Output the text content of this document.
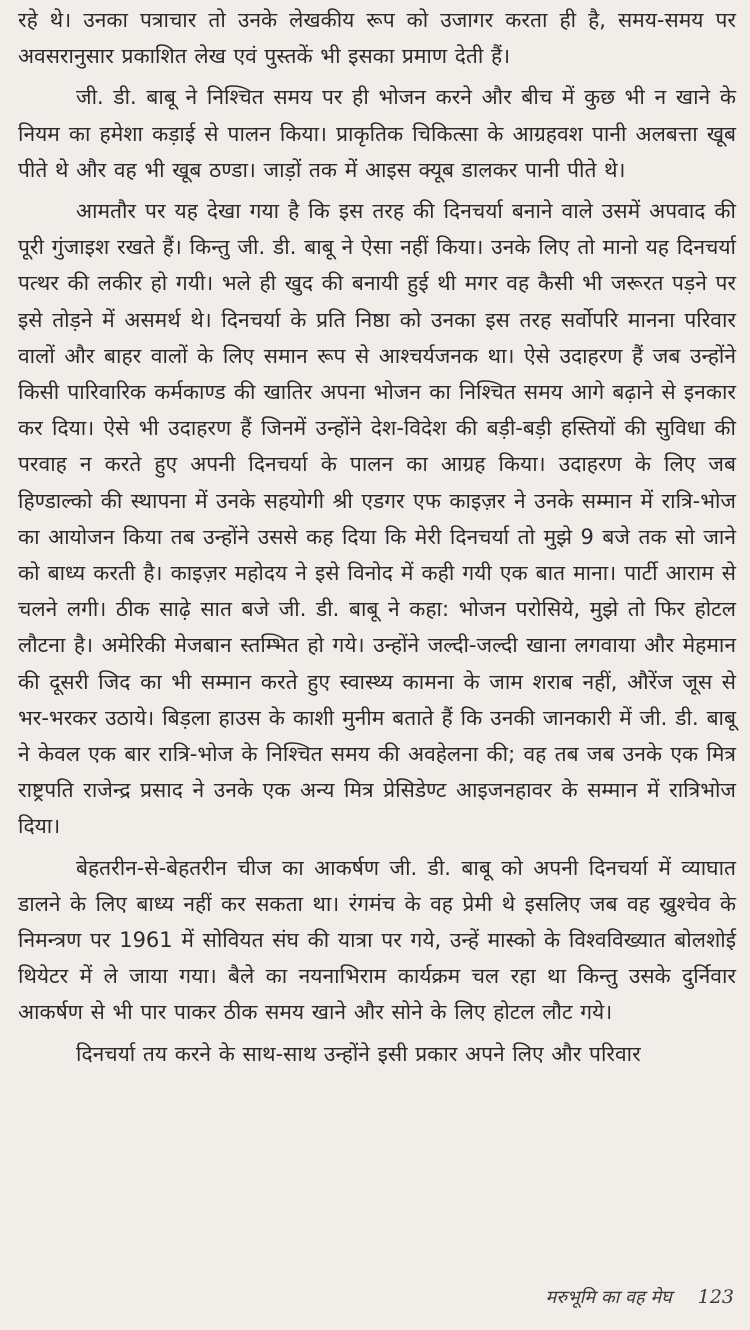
रहे थे। उनका पत्राचार तो उनके लेखकीय रूप को उजागर करता ही है, समय-समय पर अवसरानुसार प्रकाशित लेख एवं पुस्तकें भी इसका प्रमाण देती हैं।

जी. डी. बाबू ने निश्चित समय पर ही भोजन करने और बीच में कुछ भी न खाने के नियम का हमेशा कड़ाई से पालन किया। प्राकृतिक चिकित्सा के आग्रहवश पानी अलबत्ता खूब पीते थे और वह भी खूब ठण्डा। जाड़ों तक में आइस क्यूब डालकर पानी पीते थे।

आमतौर पर यह देखा गया है कि इस तरह की दिनचर्या बनाने वाले उसमें अपवाद की पूरी गुंजाइश रखते हैं। किन्तु जी. डी. बाबू ने ऐसा नहीं किया। उनके लिए तो मानो यह दिनचर्या पत्थर की लकीर हो गयी। भले ही खुद की बनायी हुई थी मगर वह कैसी भी जरूरत पड़ने पर इसे तोड़ने में असमर्थ थे। दिनचर्या के प्रति निष्ठा को उनका इस तरह सर्वोपरि मानना परिवार वालों और बाहर वालों के लिए समान रूप से आश्चर्यजनक था। ऐसे उदाहरण हैं जब उन्होंने किसी पारिवारिक कर्मकाण्ड की खातिर अपना भोजन का निश्चित समय आगे बढ़ाने से इनकार कर दिया। ऐसे भी उदाहरण हैं जिनमें उन्होंने देश-विदेश की बड़ी-बड़ी हस्तियों की सुविधा की परवाह न करते हुए अपनी दिनचर्या के पालन का आग्रह किया। उदाहरण के लिए जब हिण्डाल्को की स्थापना में उनके सहयोगी श्री एडगर एफ काइज़र ने उनके सम्मान में रात्रि-भोज का आयोजन किया तब उन्होंने उससे कह दिया कि मेरी दिनचर्या तो मुझे 9 बजे तक सो जाने को बाध्य करती है। काइज़र महोदय ने इसे विनोद में कही गयी एक बात माना। पार्टी आराम से चलने लगी। ठीक साढ़े सात बजे जी. डी. बाबू ने कहा: भोजन परोसिये, मुझे तो फिर होटल लौटना है। अमेरिकी मेजबान स्तम्भित हो गये। उन्होंने जल्दी-जल्दी खाना लगवाया और मेहमान की दूसरी जिद का भी सम्मान करते हुए स्वास्थ्य कामना के जाम शराब नहीं, औरेंज जूस से भर-भरकर उठाये। बिड़ला हाउस के काशी मुनीम बताते हैं कि उनकी जानकारी में जी. डी. बाबू ने केवल एक बार रात्रि-भोज के निश्चित समय की अवहेलना की; वह तब जब उनके एक मित्र राष्ट्रपति राजेन्द्र प्रसाद ने उनके एक अन्य मित्र प्रेसिडेण्ट आइजनहावर के सम्मान में रात्रिभोज दिया।

बेहतरीन-से-बेहतरीन चीज का आकर्षण जी. डी. बाबू को अपनी दिनचर्या में व्याघात डालने के लिए बाध्य नहीं कर सकता था। रंगमंच के वह प्रेमी थे इसलिए जब वह ख्रुश्चेव के निमन्त्रण पर 1961 में सोवियत संघ की यात्रा पर गये, उन्हें मास्को के विश्वविख्यात बोलशोई थियेटर में ले जाया गया। बैले का नयनाभिराम कार्यक्रम चल रहा था किन्तु उसके दुर्निवार आकर्षण से भी पार पाकर ठीक समय खाने और सोने के लिए होटल लौट गये।

दिनचर्या तय करने के साथ-साथ उन्होंने इसी प्रकार अपने लिए और परिवार

मरुभूमि का वह मेघ 123
